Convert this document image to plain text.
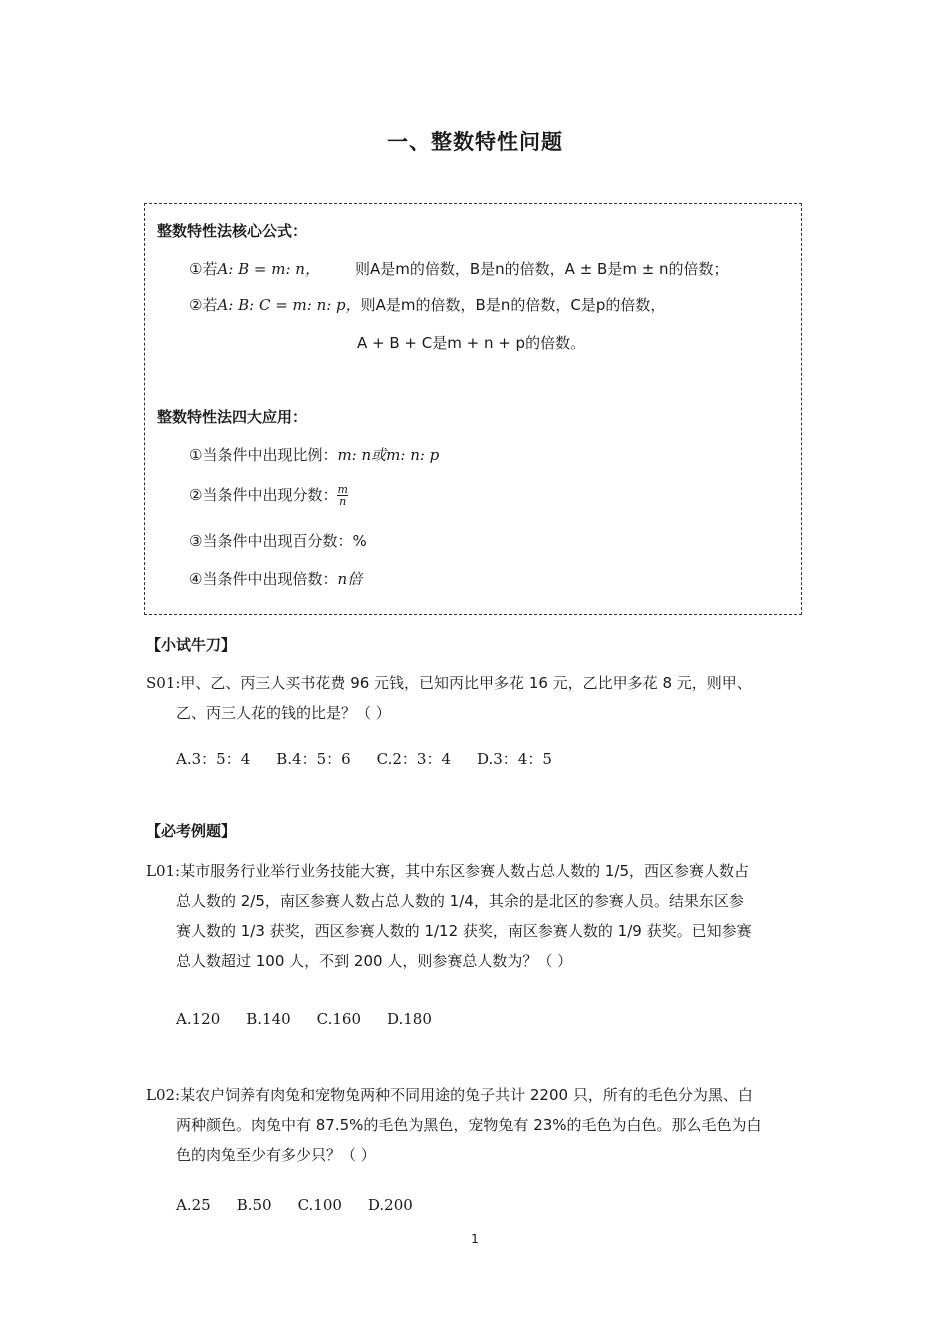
一、整数特性问题
整数特性法核心公式：
①若A: B = m: n， 则A是m的倍数，B是n的倍数，A ± B是m ± n的倍数；
②若A: B: C = m: n: p，则A是m的倍数，B是n的倍数，C是p的倍数，
A + B + C是m + n + p的倍数。
整数特性法四大应用：
①当条件中出现比例：m: n或m: n: p
②当条件中出现分数： $\frac{m}{n}$
③当条件中出现百分数：%
④当条件中出现倍数：n倍
【小试牛刀】
S01:甲、乙、丙三人买书花费 96 元钱，已知丙比甲多花 16 元，乙比甲多花 8 元，则甲、
乙、丙三人花的钱的比是？（ ）
A.3：5：4 B.4：5：6 C.2：3：4 D.3：4：5
【必考例题】
L01:某市服务行业举行业务技能大赛，其中东区参赛人数占总人数的 1/5，西区参赛人数占
总人数的 2/5，南区参赛人数占总人数的 1/4，其余的是北区的参赛人员。结果东区参
赛人数的 1/3 获奖，西区参赛人数的 1/12 获奖，南区参赛人数的 1/9 获奖。已知参赛
总人数超过 100 人，不到 200 人，则参赛总人数为？（ ）
A.120 B.140 C.160 D.180
L02:某农户饲养有肉兔和宠物兔两种不同用途的兔子共计 2200 只，所有的毛色分为黑、白
两种颜色。肉兔中有 87.5%的毛色为黑色，宠物兔有 23%的毛色为白色。那么毛色为白
色的肉兔至少有多少只？（ ）
A.25 B.50 C.100 D.200
1
